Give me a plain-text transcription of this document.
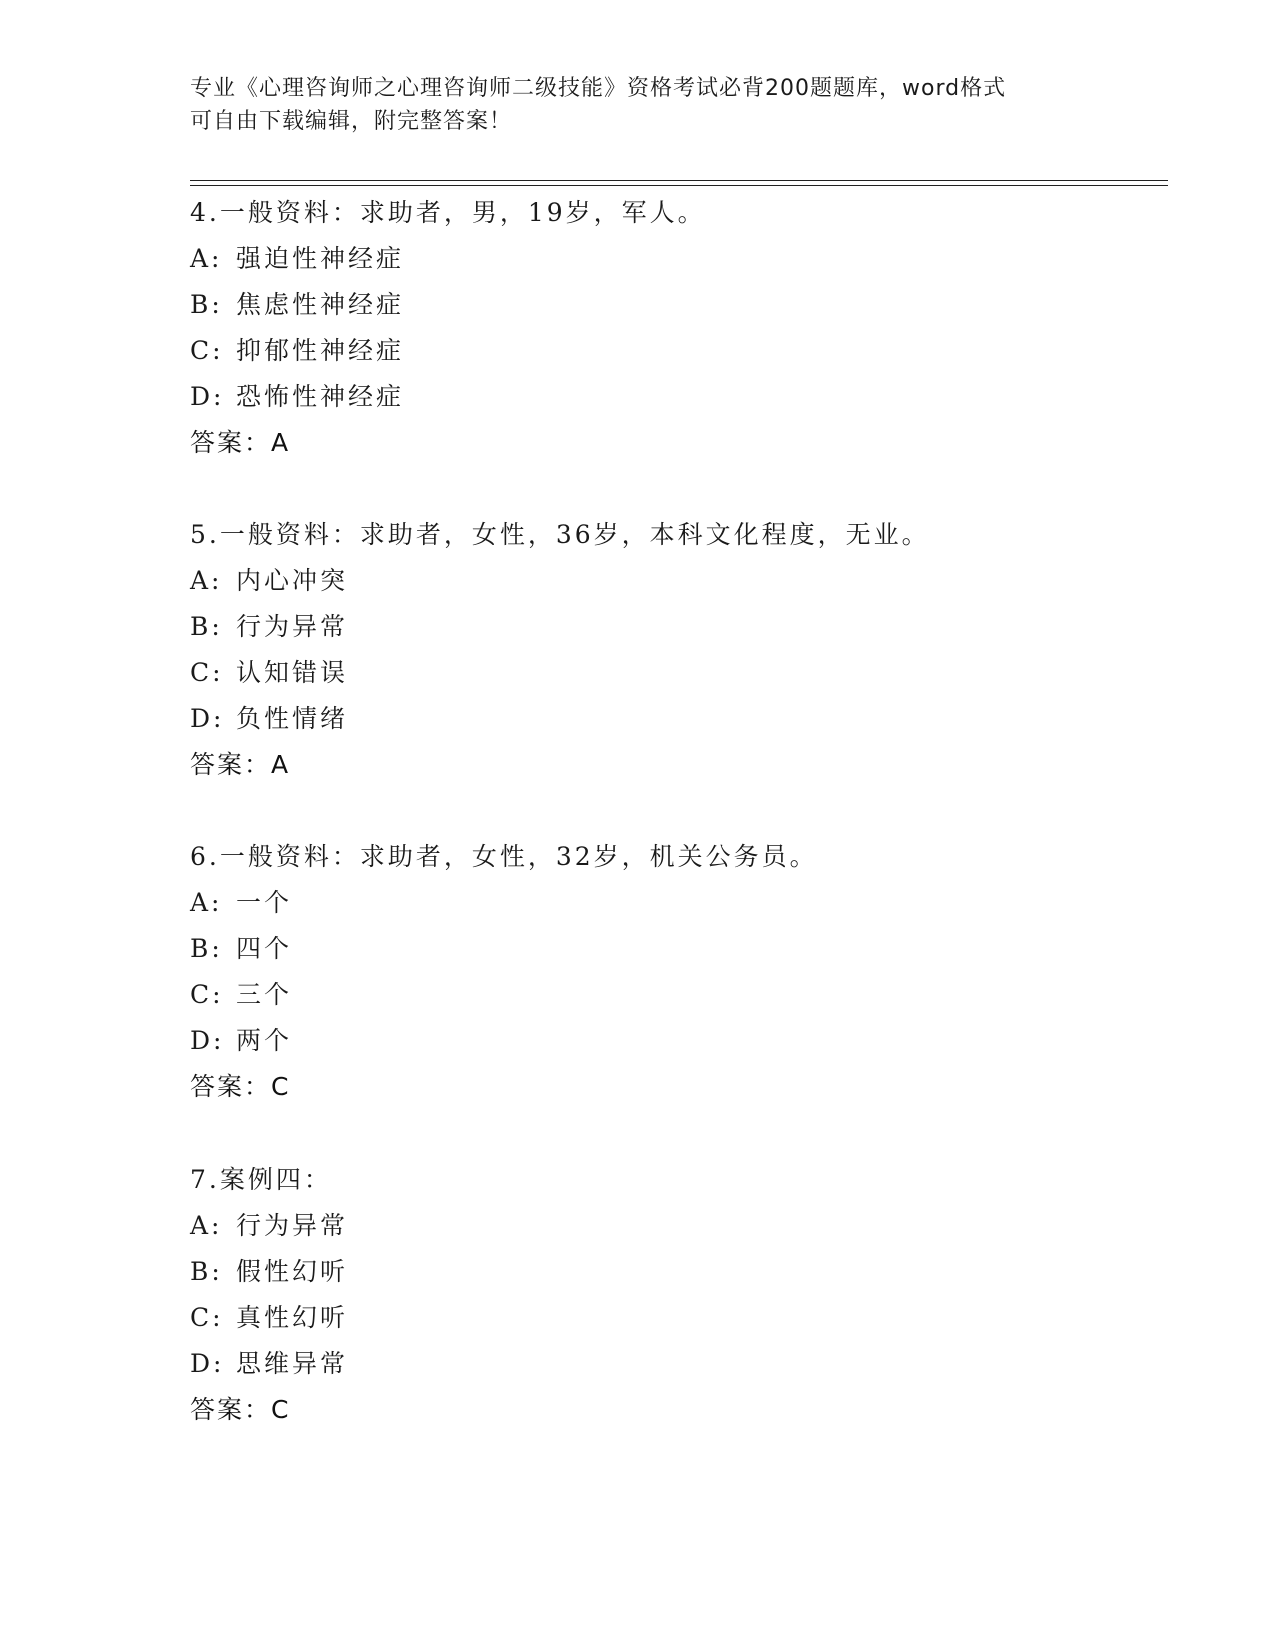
专业《心理咨询师之心理咨询师二级技能》资格考试必背200题题库，word格式
可自由下载编辑，附完整答案！
4.一般资料：求助者，男，19岁，军人。
A: 强迫性神经症
B: 焦虑性神经症
C: 抑郁性神经症
D: 恐怖性神经症
答案：A
5.一般资料：求助者，女性，36岁，本科文化程度，无业。
A: 内心冲突
B: 行为异常
C: 认知错误
D: 负性情绪
答案：A
6.一般资料：求助者，女性，32岁，机关公务员。
A: 一个
B: 四个
C: 三个
D: 两个
答案：C
7.案例四：
A: 行为异常
B: 假性幻听
C: 真性幻听
D: 思维异常
答案：C
